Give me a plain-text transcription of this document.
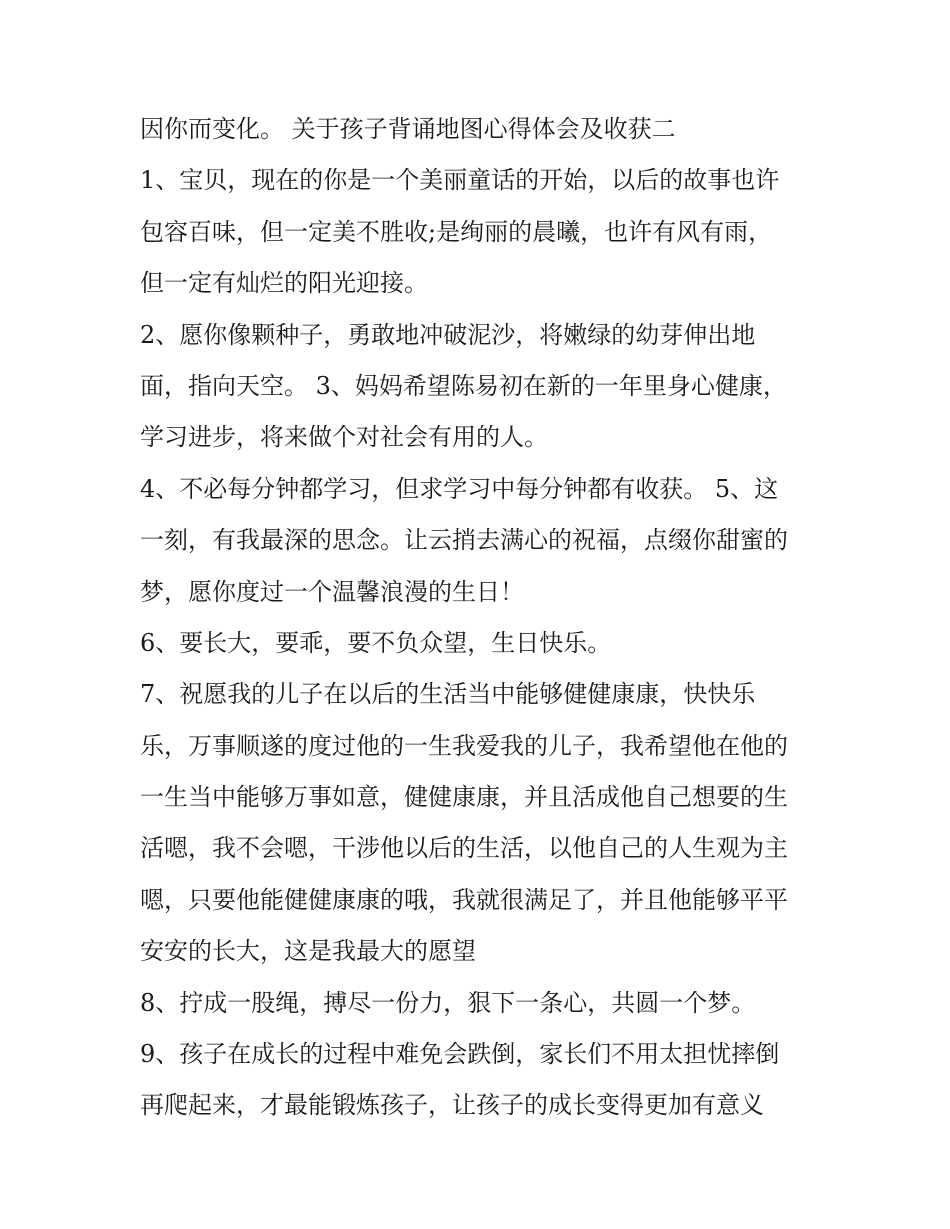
因你而变化。 关于孩子背诵地图心得体会及收获二
1、宝贝，现在的你是一个美丽童话的开始，以后的故事也许
包容百味，但一定美不胜收;是绚丽的晨曦，也许有风有雨，
但一定有灿烂的阳光迎接。
2、愿你像颗种子，勇敢地冲破泥沙，将嫩绿的幼芽伸出地
面，指向天空。 3、妈妈希望陈易初在新的一年里身心健康，
学习进步，将来做个对社会有用的人。
4、不必每分钟都学习，但求学习中每分钟都有收获。 5、这
一刻，有我最深的思念。让云捎去满心的祝福，点缀你甜蜜的
梦，愿你度过一个温馨浪漫的生日！
6、要长大，要乖，要不负众望，生日快乐。
7、祝愿我的儿子在以后的生活当中能够健健康康，快快乐
乐，万事顺遂的度过他的一生我爱我的儿子，我希望他在他的
一生当中能够万事如意，健健康康，并且活成他自己想要的生
活嗯，我不会嗯，干涉他以后的生活，以他自己的人生观为主
嗯，只要他能健健康康的哦，我就很满足了，并且他能够平平
安安的长大，这是我最大的愿望
8、拧成一股绳，搏尽一份力，狠下一条心，共圆一个梦。
9、孩子在成长的过程中难免会跌倒，家长们不用太担忧摔倒
再爬起来，才最能锻炼孩子，让孩子的成长变得更加有意义
